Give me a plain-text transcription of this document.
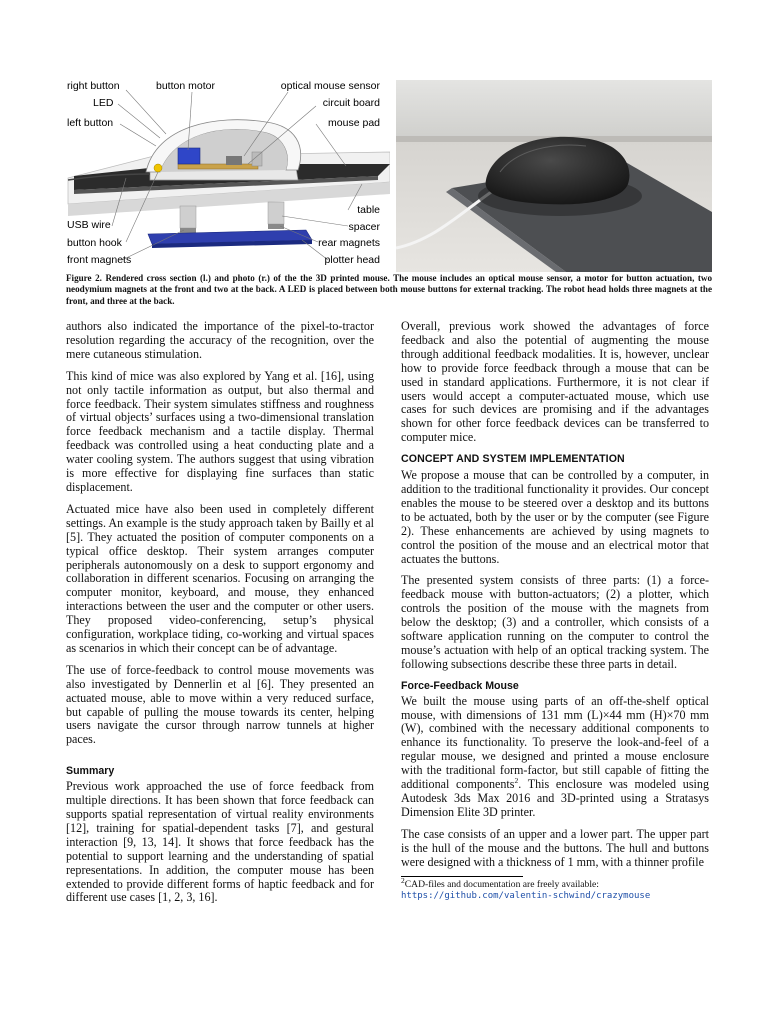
right button
LED
left button
button motor	optical mouse sensor
circuit board
mouse pad
USB wire
button hook
front magnets
table
spacer
rear magnets
plotter head
Figure 2. Rendered cross section (l.) and photo (r.) of the the 3D printed mouse. The mouse includes an optical mouse sensor, a motor for button actuation, two neodymium magnets at the front and two at the back. A LED is placed between both mouse buttons for external tracking. The robot head holds three magnets at the front, and three at the back.

authors also indicated the importance of the pixel-to-tractor resolution regarding the accuracy of the recognition, over the mere cutaneous stimulation.

This kind of mice was also explored by Yang et al. [16], using not only tactile information as output, but also thermal and force feedback. Their system simulates stiffness and roughness of virtual objects’ surfaces using a two-dimensional translation force feedback mechanism and a tactile display. Thermal feedback was controlled using a heat conducting plate and a water cooling system. The authors suggest that using vibration is more effective for displaying fine surfaces than static displacement.

Actuated mice have also been used in completely different settings. An example is the study approach taken by Bailly et al [5]. They actuated the position of computer components on a typical office desktop. Their system arranges computer peripherals autonomously on a desk to support ergonomy and collaboration in different scenarios. Focusing on arranging the computer monitor, keyboard, and mouse, they enhanced interactions between the user and the computer or other users. They proposed video-conferencing, setup’s physical configuration, workplace tiding, co-working and virtual spaces as scenarios in which their concept can be of advantage.

The use of force-feedback to control mouse movements was also investigated by Dennerlin et al [6]. They presented an actuated mouse, able to move within a very reduced surface, but capable of pulling the mouse towards its center, helping users navigate the cursor through narrow tunnels at higher paces.

Summary

Previous work approached the use of force feedback from multiple directions. It has been shown that force feedback can supports spatial representation of virtual reality environments [12], training for spatial-dependent tasks [7], and gestural interaction [9, 13, 14]. It shows that force feedback has the potential to support learning and the understanding of spatial representations. In addition, the computer mouse has been extended to provide different forms of haptic feedback and for different use cases [1, 2, 3, 16].

Overall, previous work showed the advantages of force feedback and also the potential of augmenting the mouse through additional feedback modalities. It is, however, unclear how to provide force feedback through a mouse that can be used in standard applications. Furthermore, it is not clear if users would accept a computer-actuated mouse, which use cases for such devices are promising and if the advantages shown for other force feedback devices can be transferred to computer mice.

CONCEPT AND SYSTEM IMPLEMENTATION

We propose a mouse that can be controlled by a computer, in addition to the traditional functionality it provides. Our concept enables the mouse to be steered over a desktop and its buttons to be actuated, both by the user or by the computer (see Figure 2). These enhancements are achieved by using magnets to control the position of the mouse and an electrical motor that actuates the buttons.

The presented system consists of three parts: (1) a force-feedback mouse with button-actuators; (2) a plotter, which controls the position of the mouse with the magnets from below the desktop; (3) and a controller, which consists of a software application running on the computer to control the mouse’s actuation with help of an optical tracking system. The following subsections describe these three parts in detail.

Force-Feedback Mouse

We built the mouse using parts of an off-the-shelf optical mouse, with dimensions of 131 mm (L)×44 mm (H)×70 mm (W), combined with the necessary additional components to enhance its functionality. To preserve the look-and-feel of a regular mouse, we designed and printed a mouse enclosure with the traditional form-factor, but still capable of fitting the additional components$^2$. This enclosure was modeled using Autodesk 3ds Max 2016 and 3D-printed using a Stratasys Dimension Elite 3D printer.

The case consists of an upper and a lower part. The upper part is the hull of the mouse and the buttons. The hull and buttons were designed with a thickness of 1 mm, with a thinner profile

$^2$CAD-files and documentation are freely available: https://github.com/valentin-schwind/crazymouse
